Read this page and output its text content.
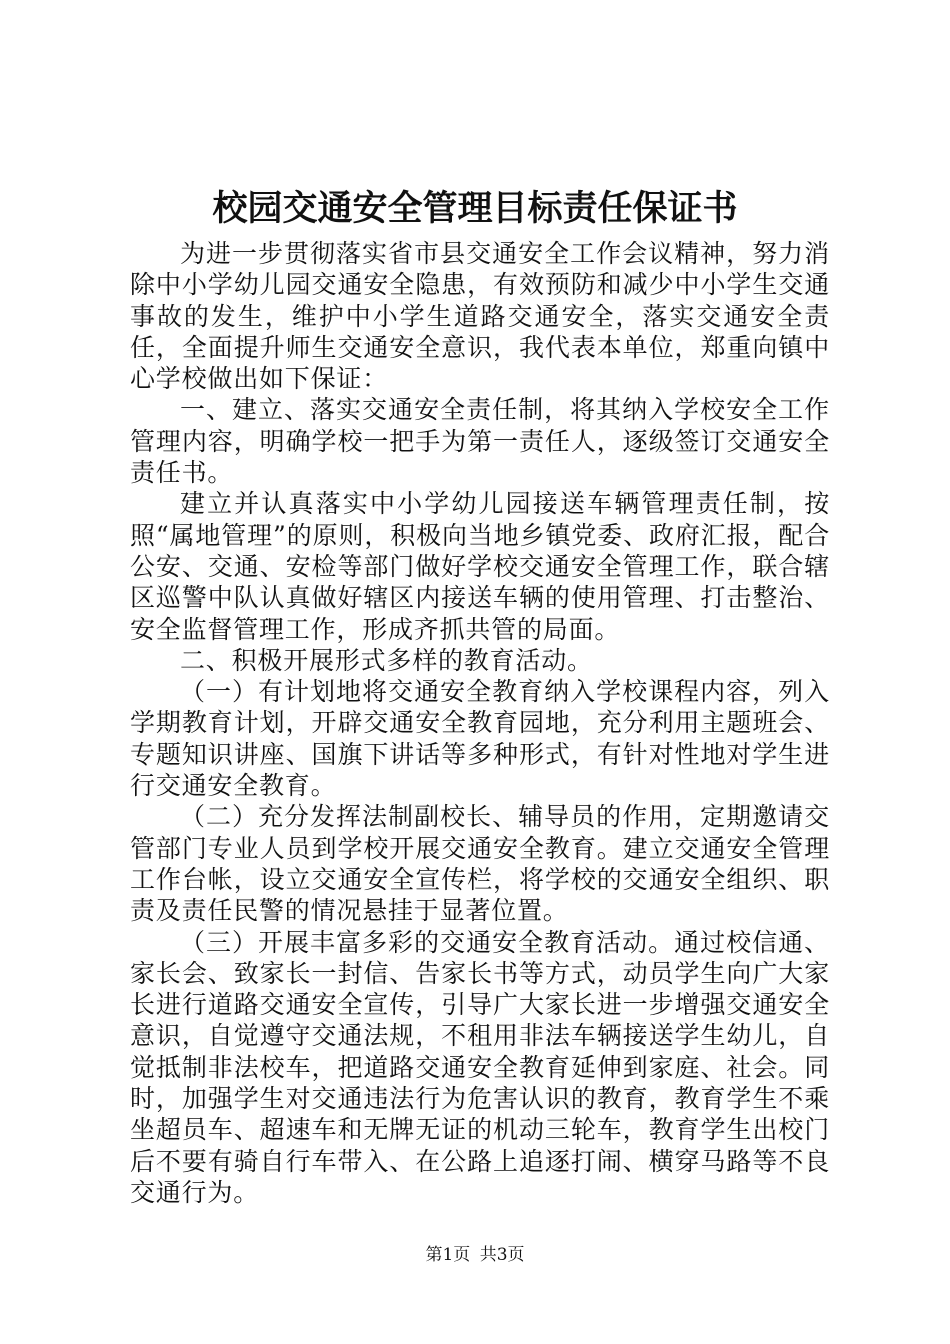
校园交通安全管理目标责任保证书

为进一步贯彻落实省市县交通安全工作会议精神，努力消除中小学幼儿园交通安全隐患，有效预防和减少中小学生交通事故的发生，维护中小学生道路交通安全，落实交通安全责任，全面提升师生交通安全意识，我代表本单位，郑重向镇中心学校做出如下保证：

一、建立、落实交通安全责任制，将其纳入学校安全工作管理内容，明确学校一把手为第一责任人，逐级签订交通安全责任书。

建立并认真落实中小学幼儿园接送车辆管理责任制，按照“属地管理”的原则，积极向当地乡镇党委、政府汇报，配合公安、交通、安检等部门做好学校交通安全管理工作，联合辖区巡警中队认真做好辖区内接送车辆的使用管理、打击整治、安全监督管理工作，形成齐抓共管的局面。

二、积极开展形式多样的教育活动。

（一）有计划地将交通安全教育纳入学校课程内容，列入学期教育计划，开辟交通安全教育园地，充分利用主题班会、专题知识讲座、国旗下讲话等多种形式，有针对性地对学生进行交通安全教育。

（二）充分发挥法制副校长、辅导员的作用，定期邀请交管部门专业人员到学校开展交通安全教育。建立交通安全管理工作台帐，设立交通安全宣传栏，将学校的交通安全组织、职责及责任民警的情况悬挂于显著位置。

（三）开展丰富多彩的交通安全教育活动。通过校信通、家长会、致家长一封信、告家长书等方式，动员学生向广大家长进行道路交通安全宣传，引导广大家长进一步增强交通安全意识，自觉遵守交通法规，不租用非法车辆接送学生幼儿，自觉抵制非法校车，把道路交通安全教育延伸到家庭、社会。同时，加强学生对交通违法行为危害认识的教育，教育学生不乘坐超员车、超速车和无牌无证的机动三轮车，教育学生出校门后不要有骑自行车带入、在公路上追逐打闹、横穿马路等不良交通行为。

第1页 共3页
